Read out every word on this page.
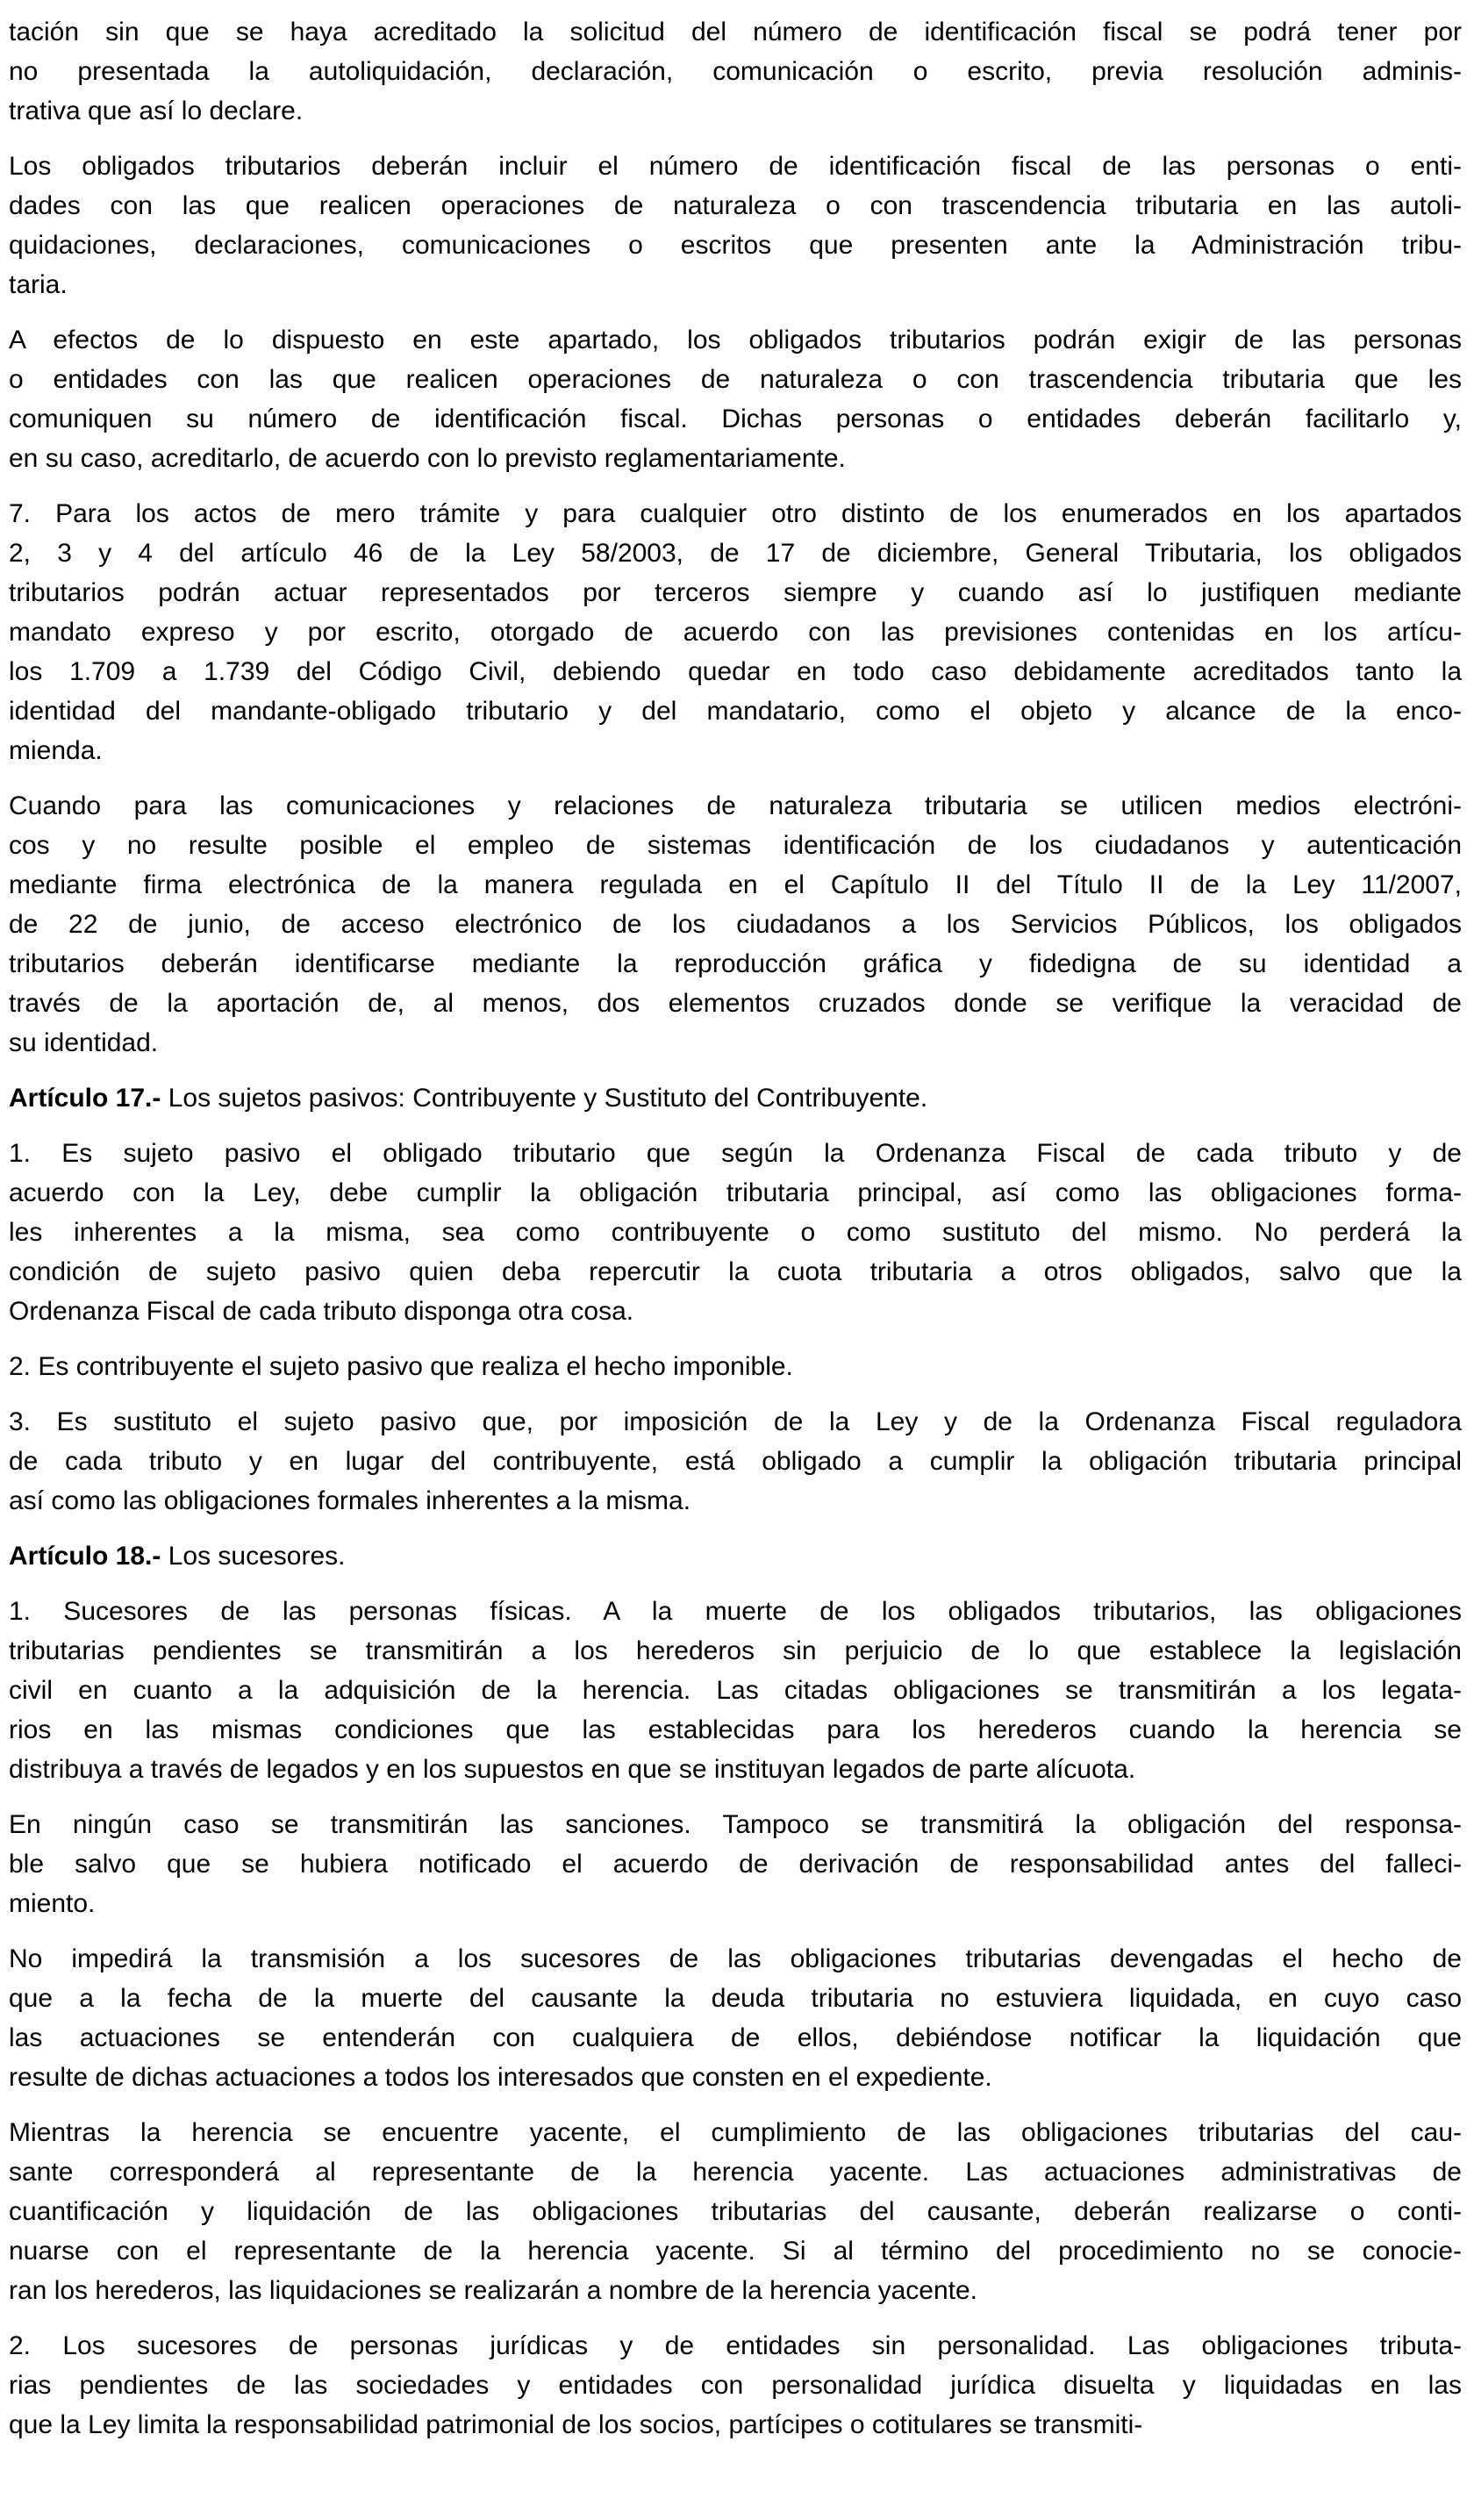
tación sin que se haya acreditado la solicitud del número de identificación fiscal se podrá tener por
no presentada la autoliquidación, declaración, comunicación o escrito, previa resolución adminis-
trativa que así lo declare.
Los obligados tributarios deberán incluir el número de identificación fiscal de las personas o enti-
dades con las que realicen operaciones de naturaleza o con trascendencia tributaria en las autoli-
quidaciones, declaraciones, comunicaciones o escritos que presenten ante la Administración tribu-
taria.
A efectos de lo dispuesto en este apartado, los obligados tributarios podrán exigir de las personas
o entidades con las que realicen operaciones de naturaleza o con trascendencia tributaria que les
comuniquen su número de identificación fiscal. Dichas personas o entidades deberán facilitarlo y,
en su caso, acreditarlo, de acuerdo con lo previsto reglamentariamente.
7. Para los actos de mero trámite y para cualquier otro distinto de los enumerados en los apartados
2, 3 y 4 del artículo 46 de la Ley 58/2003, de 17 de diciembre, General Tributaria, los obligados
tributarios podrán actuar representados por terceros siempre y cuando así lo justifiquen mediante
mandato expreso y por escrito, otorgado de acuerdo con las previsiones contenidas en los artícu-
los 1.709 a 1.739 del Código Civil, debiendo quedar en todo caso debidamente acreditados tanto la
identidad del mandante-obligado tributario y del mandatario, como el objeto y alcance de la enco-
mienda.
Cuando para las comunicaciones y relaciones de naturaleza tributaria se utilicen medios electróni-
cos y no resulte posible el empleo de sistemas identificación de los ciudadanos y autenticación
mediante firma electrónica de la manera regulada en el Capítulo II del Título II de la Ley 11/2007,
de 22 de junio, de acceso electrónico de los ciudadanos a los Servicios Públicos, los obligados
tributarios deberán identificarse mediante la reproducción gráfica y fidedigna de su identidad a
través de la aportación de, al menos, dos elementos cruzados donde se verifique la veracidad de
su identidad.
Artículo 17.- Los sujetos pasivos: Contribuyente y Sustituto del Contribuyente.
1. Es sujeto pasivo el obligado tributario que según la Ordenanza Fiscal de cada tributo y de
acuerdo con la Ley, debe cumplir la obligación tributaria principal, así como las obligaciones forma-
les inherentes a la misma, sea como contribuyente o como sustituto del mismo. No perderá la
condición de sujeto pasivo quien deba repercutir la cuota tributaria a otros obligados, salvo que la
Ordenanza Fiscal de cada tributo disponga otra cosa.
2. Es contribuyente el sujeto pasivo que realiza el hecho imponible.
3. Es sustituto el sujeto pasivo que, por imposición de la Ley y de la Ordenanza Fiscal reguladora
de cada tributo y en lugar del contribuyente, está obligado a cumplir la obligación tributaria principal
así como las obligaciones formales inherentes a la misma.
Artículo 18.- Los sucesores.
1. Sucesores de las personas físicas. A la muerte de los obligados tributarios, las obligaciones
tributarias pendientes se transmitirán a los herederos sin perjuicio de lo que establece la legislación
civil en cuanto a la adquisición de la herencia. Las citadas obligaciones se transmitirán a los legata-
rios en las mismas condiciones que las establecidas para los herederos cuando la herencia se
distribuya a través de legados y en los supuestos en que se instituyan legados de parte alícuota.
En ningún caso se transmitirán las sanciones. Tampoco se transmitirá la obligación del responsa-
ble salvo que se hubiera notificado el acuerdo de derivación de responsabilidad antes del falleci-
miento.
No impedirá la transmisión a los sucesores de las obligaciones tributarias devengadas el hecho de
que a la fecha de la muerte del causante la deuda tributaria no estuviera liquidada, en cuyo caso
las actuaciones se entenderán con cualquiera de ellos, debiéndose notificar la liquidación que
resulte de dichas actuaciones a todos los interesados que consten en el expediente.
Mientras la herencia se encuentre yacente, el cumplimiento de las obligaciones tributarias del cau-
sante corresponderá al representante de la herencia yacente. Las actuaciones administrativas de
cuantificación y liquidación de las obligaciones tributarias del causante, deberán realizarse o conti-
nuarse con el representante de la herencia yacente. Si al término del procedimiento no se conocie-
ran los herederos, las liquidaciones se realizarán a nombre de la herencia yacente.
2. Los sucesores de personas jurídicas y de entidades sin personalidad. Las obligaciones tributa-
rias pendientes de las sociedades y entidades con personalidad jurídica disuelta y liquidadas en las
que la Ley limita la responsabilidad patrimonial de los socios, partícipes o cotitulares se transmiti-
